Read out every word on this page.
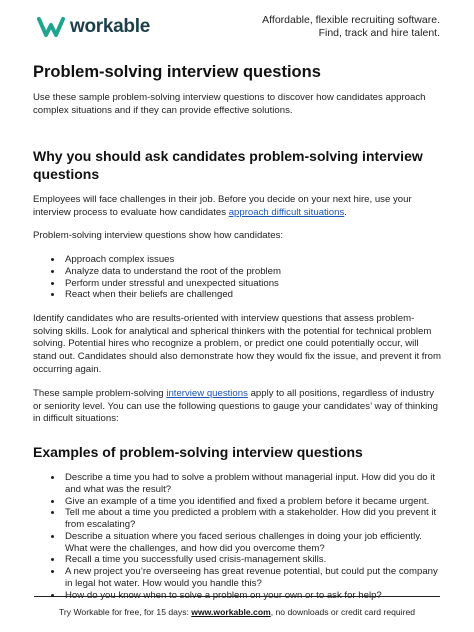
workable	Affordable, flexible recruiting software.
Find, track and hire talent.
Problem-solving interview questions

Use these sample problem-solving interview questions to discover how candidates approach complex situations and if they can provide effective solutions.

Why you should ask candidates problem-solving interview questions

Employees will face challenges in their job. Before you decide on your next hire, use your interview process to evaluate how candidates approach difficult situations.

Problem-solving interview questions show how candidates:

• Approach complex issues
• Analyze data to understand the root of the problem
• Perform under stressful and unexpected situations
• React when their beliefs are challenged

Identify candidates who are results-oriented with interview questions that assess problem-solving skills. Look for analytical and spherical thinkers with the potential for technical problem solving. Potential hires who recognize a problem, or predict one could potentially occur, will stand out. Candidates should also demonstrate how they would fix the issue, and prevent it from occurring again.

These sample problem-solving interview questions apply to all positions, regardless of industry or seniority level. You can use the following questions to gauge your candidates’ way of thinking in difficult situations:

Examples of problem-solving interview questions
• Describe a time you had to solve a problem without managerial input. How did you do it and what was the result?
• Give an example of a time you identified and fixed a problem before it became urgent.
• Tell me about a time you predicted a problem with a stakeholder. How did you prevent it from escalating?
• Describe a situation where you faced serious challenges in doing your job efficiently. What were the challenges, and how did you overcome them?
• Recall a time you successfully used crisis-management skills.
• A new project you’re overseeing has great revenue potential, but could put the company in legal hot water. How would you handle this?
•
Try Workable for free, for 15 days: www.workable.com, no downloads or credit card required
